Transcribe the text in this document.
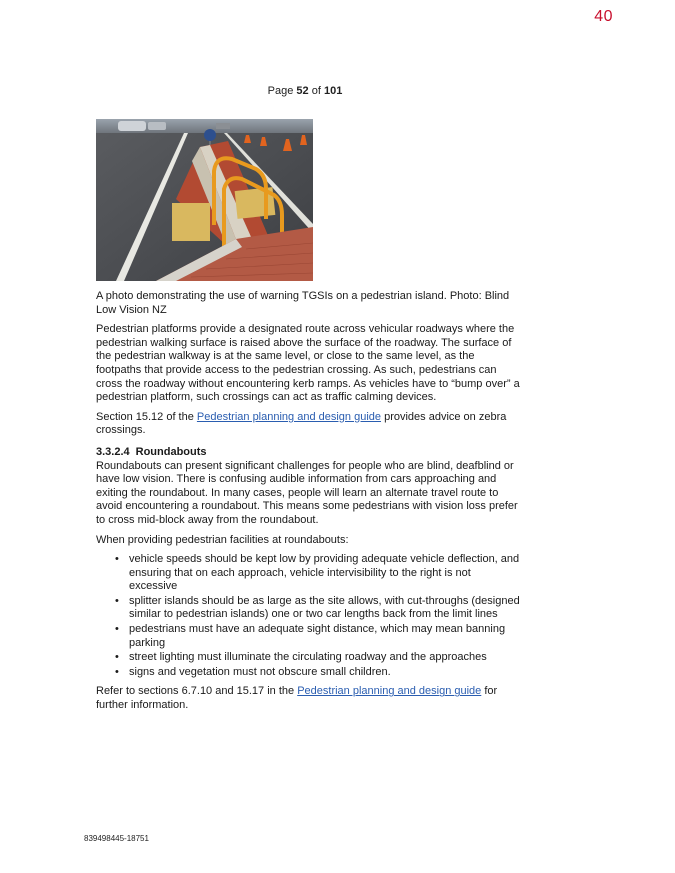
40
Page 52 of 101

A photo demonstrating the use of warning TGSIs on a pedestrian island. Photo: Blind Low Vision NZ

Pedestrian platforms provide a designated route across vehicular roadways where the pedestrian walking surface is raised above the surface of the roadway. The surface of the pedestrian walkway is at the same level, or close to the same level, as the footpaths that provide access to the pedestrian crossing. As such, pedestrians can cross the roadway without encountering kerb ramps. As vehicles have to “bump over” a pedestrian platform, such crossings can act as traffic calming devices.

Section 15.12 of the Pedestrian planning and design guide provides advice on zebra crossings.

3.3.2.4 Roundabouts

Roundabouts can present significant challenges for people who are blind, deafblind or have low vision. There is confusing audible information from cars approaching and exiting the roundabout. In many cases, people will learn an alternate travel route to avoid encountering a roundabout. This means some pedestrians with vision loss prefer to cross mid-block away from the roundabout.

When providing pedestrian facilities at roundabouts:

• vehicle speeds should be kept low by providing adequate vehicle deflection, and ensuring that on each approach, vehicle intervisibility to the right is not excessive
• splitter islands should be as large as the site allows, with cut-throughs (designed similar to pedestrian islands) one or two car lengths back from the limit lines
• pedestrians must have an adequate sight distance, which may mean banning parking
• street lighting must illuminate the circulating roadway and the approaches
• signs and vegetation must not obscure small children.

Refer to sections 6.7.10 and 15.17 in the Pedestrian planning and design guide for further information.

839498445-18751
